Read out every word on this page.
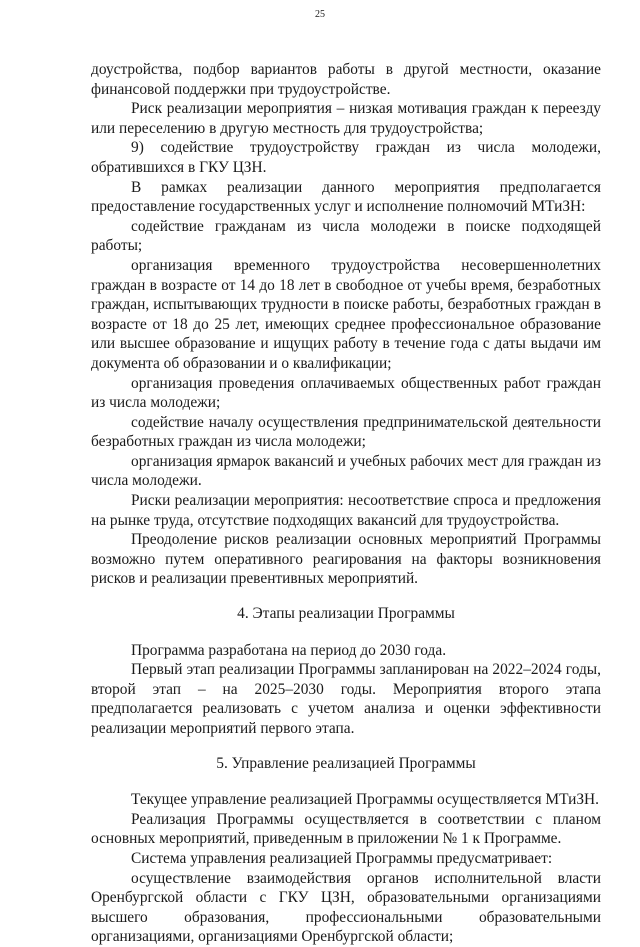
25

доустройства, подбор вариантов работы в другой местности, оказание финансовой поддержки при трудоустройстве.

Риск реализации мероприятия – низкая мотивация граждан к переезду или переселению в другую местность для трудоустройства;

9) содействие трудоустройству граждан из числа молодежи, обратившихся в ГКУ ЦЗН.

В рамках реализации данного мероприятия предполагается предоставление государственных услуг и исполнение полномочий МТиЗН:

содействие гражданам из числа молодежи в поиске подходящей работы;

организация временного трудоустройства несовершеннолетних граждан в возрасте от 14 до 18 лет в свободное от учебы время, безработных граждан, испытывающих трудности в поиске работы, безработных граждан в возрасте от 18 до 25 лет, имеющих среднее профессиональное образование или высшее образование и ищущих работу в течение года с даты выдачи им документа об образовании и о квалификации;

организация проведения оплачиваемых общественных работ граждан из числа молодежи;

содействие началу осуществления предпринимательской деятельности безработных граждан из числа молодежи;

организация ярмарок вакансий и учебных рабочих мест для граждан из числа молодежи.

Риски реализации мероприятия: несоответствие спроса и предложения на рынке труда, отсутствие подходящих вакансий для трудоустройства.

Преодоление рисков реализации основных мероприятий Программы возможно путем оперативного реагирования на факторы возникновения рисков и реализации превентивных мероприятий.

4. Этапы реализации Программы

Программа разработана на период до 2030 года.

Первый этап реализации Программы запланирован на 2022–2024 годы, второй этап – на 2025–2030 годы. Мероприятия второго этапа предполагается реализовать с учетом анализа и оценки эффективности реализации мероприятий первого этапа.

5. Управление реализацией Программы

Текущее управление реализацией Программы осуществляется МТиЗН.

Реализация Программы осуществляется в соответствии с планом основных мероприятий, приведенным в приложении № 1 к Программе.

Система управления реализацией Программы предусматривает:

осуществление взаимодействия органов исполнительной власти Оренбургской области с ГКУ ЦЗН, образовательными организациями высшего образования, профессиональными образовательными организациями, организациями Оренбургской области;
